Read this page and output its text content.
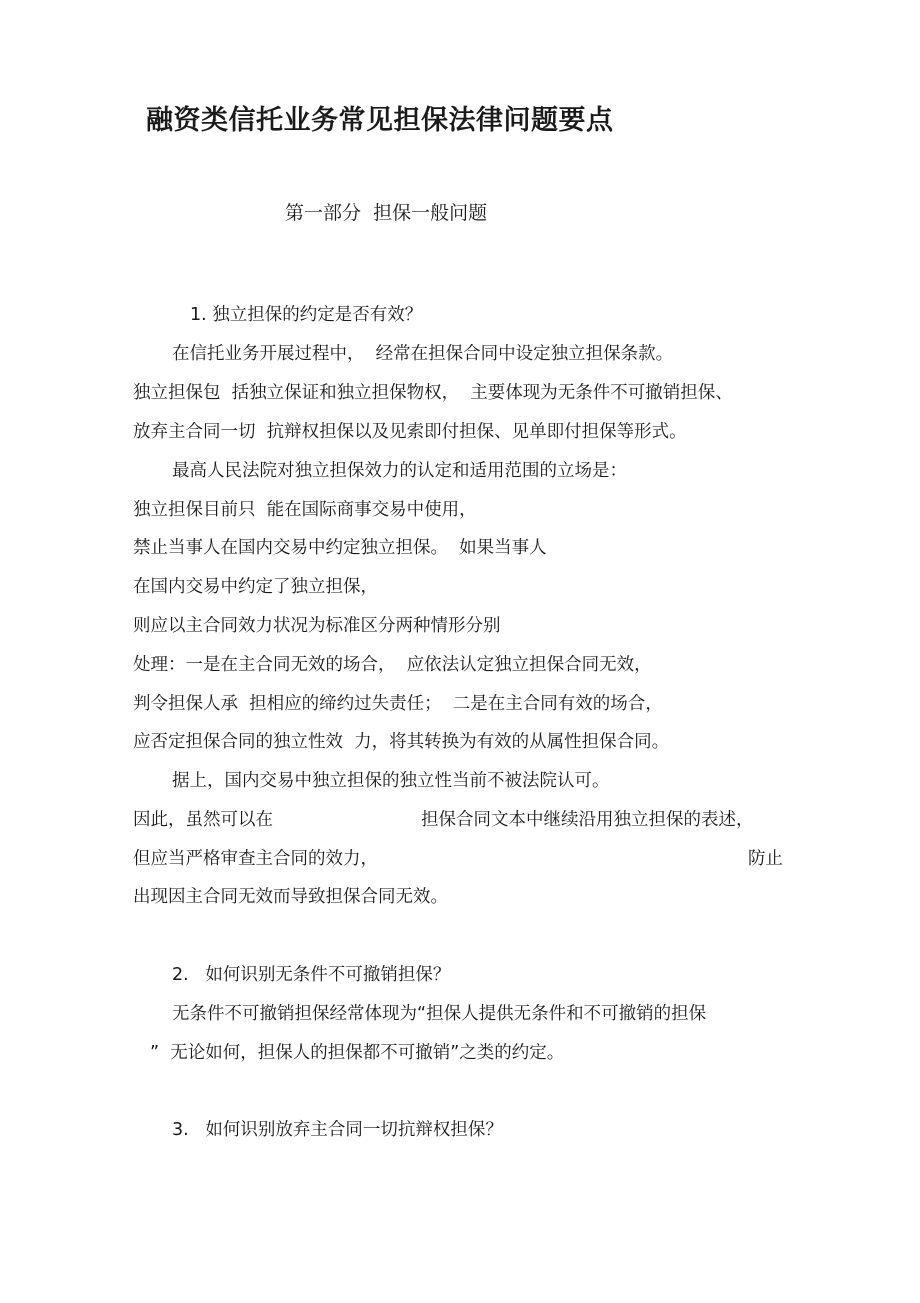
融资类信托业务常见担保法律问题要点
第一部分  担保一般问题
1. 独立担保的约定是否有效？
在信托业务开展过程中，  经常在担保合同中设定独立担保条款。
独立担保包  括独立保证和独立担保物权，  主要体现为无条件不可撤销担保、
放弃主合同一切  抗辩权担保以及见索即付担保、见单即付担保等形式。
最高人民法院对独立担保效力的认定和适用范围的立场是：
独立担保目前只  能在国际商事交易中使用，
禁止当事人在国内交易中约定独立担保。  如果当事人
在国内交易中约定了独立担保，
则应以主合同效力状况为标准区分两种情形分别
处理：一是在主合同无效的场合，  应依法认定独立担保合同无效，
判令担保人承  担相应的缔约过失责任；  二是在主合同有效的场合，
应否定担保合同的独立性效  力，将其转换为有效的从属性担保合同。
据上，国内交易中独立担保的独立性当前不被法院认可。
因此，虽然可以在	担保合同文本中继续沿用独立担保的表述，
但应当严格审查主合同的效力，	防止
出现因主合同无效而导致担保合同无效。
2.   如何识别无条件不可撤销担保？
无条件不可撤销担保经常体现为“担保人提供无条件和不可撤销的担保
”  无论如何，担保人的担保都不可撤销”之类的约定。
3.   如何识别放弃主合同一切抗辩权担保？
